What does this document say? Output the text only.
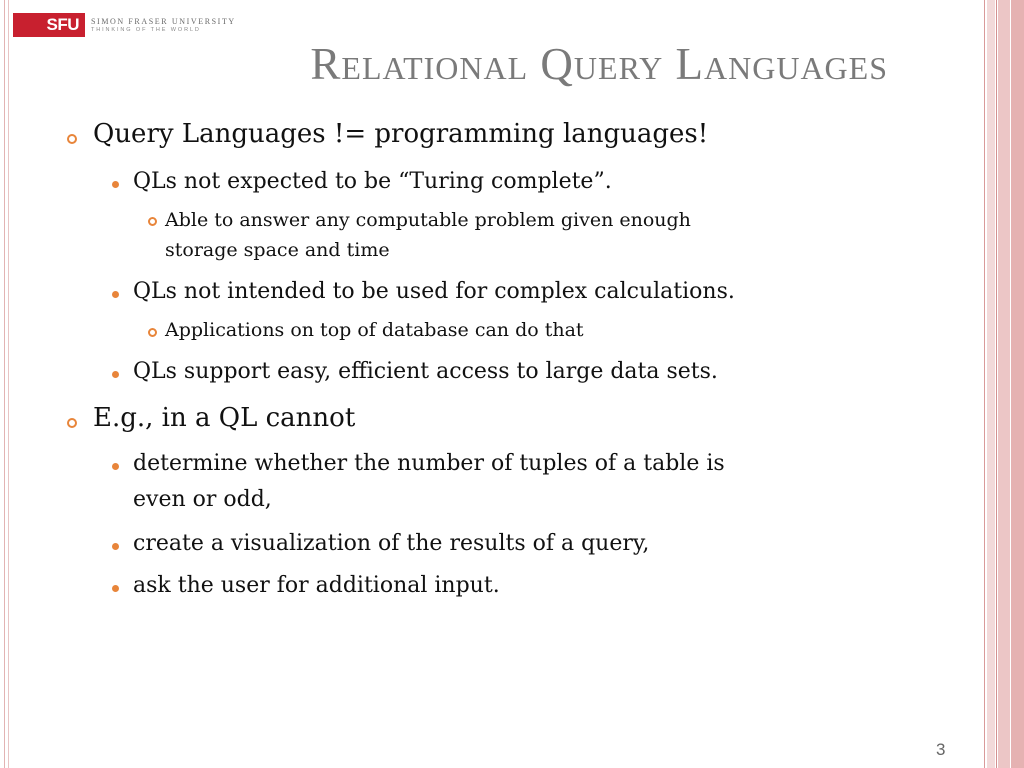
SFU	SIMON FRASER UNIVERSITY
THINKING OF THE WORLD
Relational Query Languages
Query Languages != programming languages!
QLs not expected to be “Turing complete”.
Able to answer any computable problem given enough
storage space and time
QLs not intended to be used for complex calculations.
Applications on top of database can do that
QLs support easy, efficient access to large data sets.
E.g., in a QL cannot
determine whether the number of tuples of a table is
even or odd,
create a visualization of the results of a query,
ask the user for additional input.
3
